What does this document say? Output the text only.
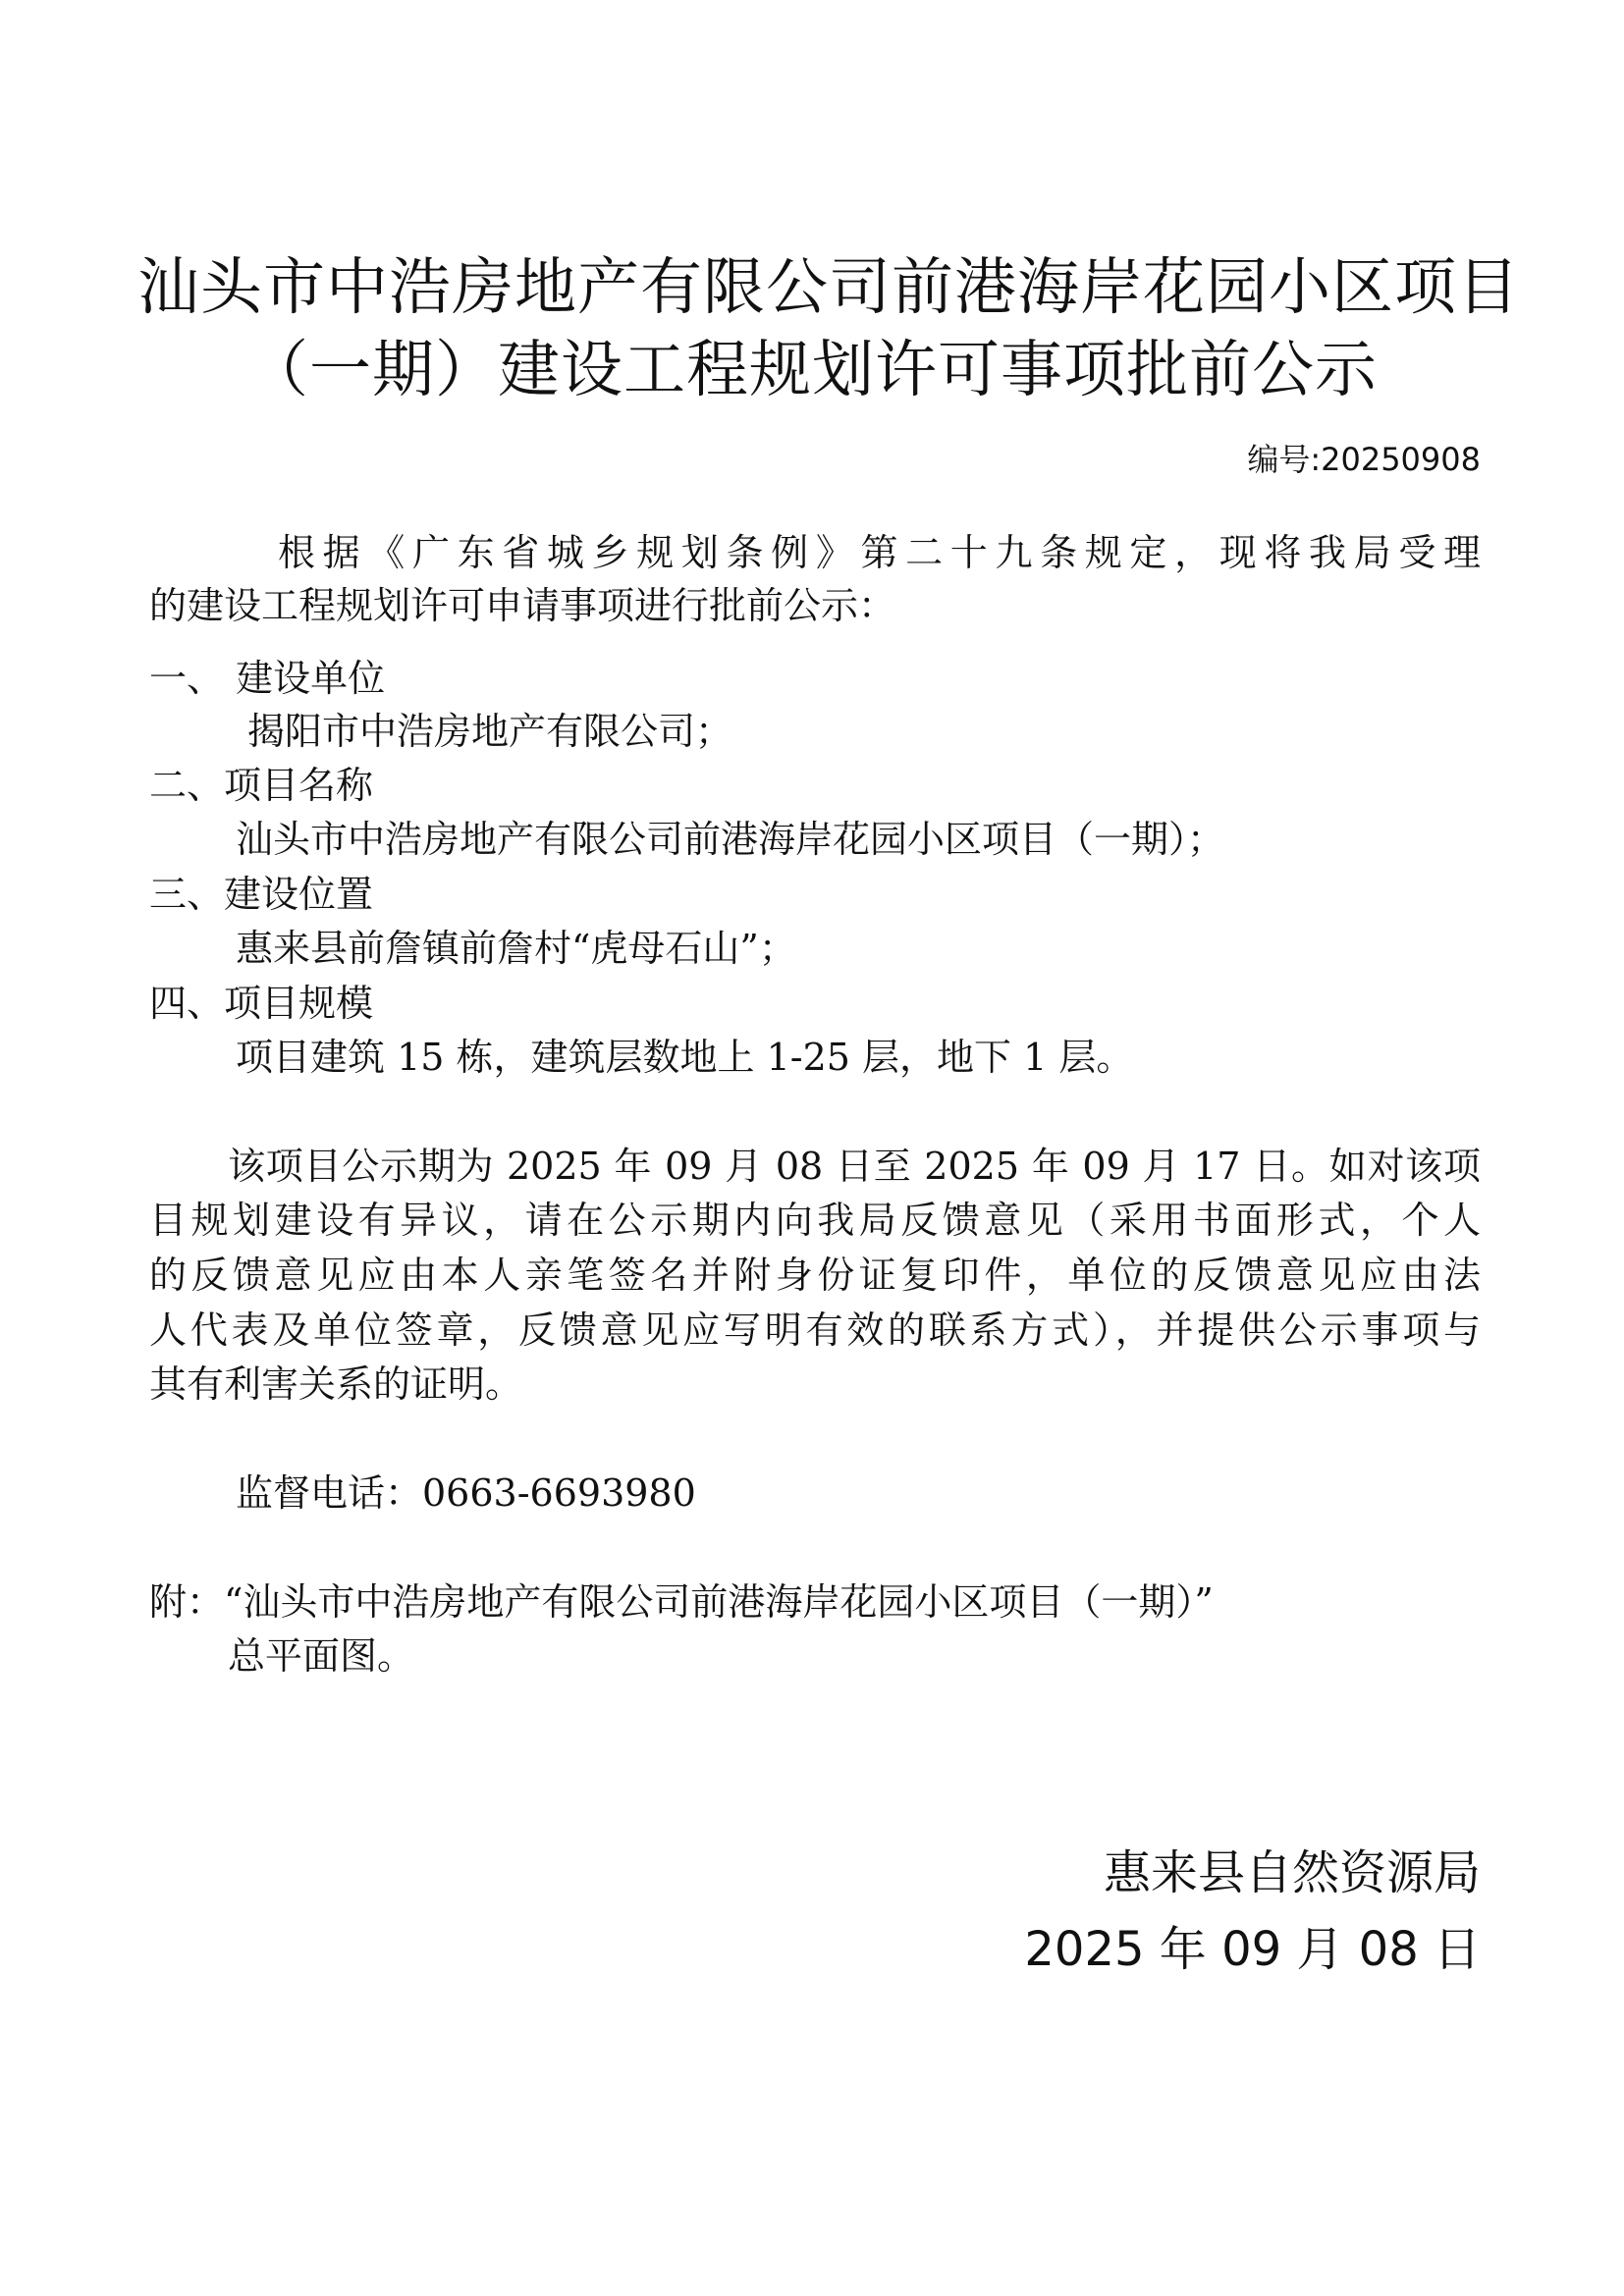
汕头市中浩房地产有限公司前港海岸花园小区项目
（一期）建设工程规划许可事项批前公示
编号:20250908
根据《广东省城乡规划条例》第二十九条规定，现将我局受理
的建设工程规划许可申请事项进行批前公示：
一、 建设单位
揭阳市中浩房地产有限公司；
二、项目名称
汕头市中浩房地产有限公司前港海岸花园小区项目（一期）；
三、建设位置
惠来县前詹镇前詹村“虎母石山”；
四、项目规模
项目建筑 15 栋，建筑层数地上 1-25 层，地下 1 层。
该项目公示期为 2025 年 09 月 08 日至 2025 年 09 月 17 日。如对该项
目规划建设有异议，请在公示期内向我局反馈意见（采用书面形式，个人
的反馈意见应由本人亲笔签名并附身份证复印件，单位的反馈意见应由法
人代表及单位签章，反馈意见应写明有效的联系方式），并提供公示事项与
其有利害关系的证明。
监督电话：0663-6693980
附：“汕头市中浩房地产有限公司前港海岸花园小区项目（一期）”
总平面图。
惠来县自然资源局
2025 年 09 月 08 日
